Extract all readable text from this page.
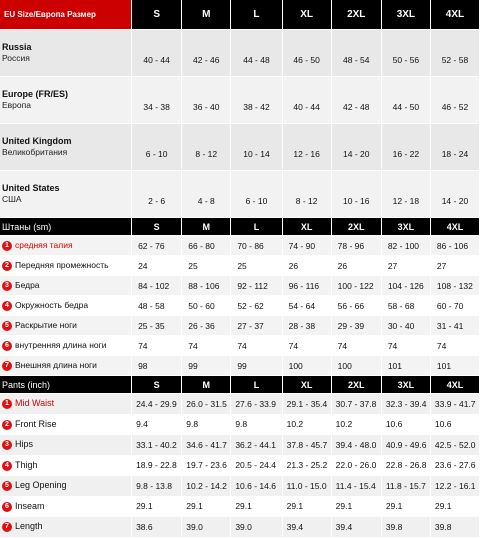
EU Size/Европа Размер	S	M	L	XL	2XL	3XL	4XL

Russia
Россия	40 - 44	42 - 46	44 - 48	46 - 50	48 - 54	50 - 56	52 - 58

Europe (FR/ES)
Европа	34 - 38	36 - 40	38 - 42	40 - 44	42 - 48	44 - 50	46 - 52

United Kingdom
Великобритания	6 - 10	8 - 12	10 - 14	12 - 16	14 - 20	16 - 22	18 - 24

United States
США	2 - 6	4 - 8	6 - 10	8 - 12	10 - 16	12 - 18	14 - 20
Штаны (sm)	S	M	L	XL	2XL	3XL	4XL
1 средняя талия	62 - 76	66 - 80	70 - 86	74 - 90	78 - 96	82 - 100	86 - 106
2 Передняя промежность	24	25	25	26	26	27	27
3 Бедра	84 - 102	88 - 106	92 - 112	96 - 116	100 - 122	104 - 126	108 - 132
4 Окружность бедра	48 - 58	50 - 60	52 - 62	54 - 64	56 - 66	58 - 68	60 - 70
5 Раскрытие ноги	25 - 35	26 - 36	27 - 37	28 - 38	29 - 39	30 - 40	31 - 41
6 внутренняя длина ноги	74	74	74	74	74	74	74
7 Внешняя длина ноги	98	99	99	100	100	101	101
Pants (inch)	S	M	L	XL	2XL	3XL	4XL
1 Mid Waist	24.4 - 29.9	26.0 - 31.5	27.6 - 33.9	29.1 - 35.4	30.7 - 37.8	32.3 - 39.4	33.9 - 41.7
2 Front Rise	9.4	9.8	9.8	10.2	10.2	10.6	10.6
3 Hips	33.1 - 40.2	34.6 - 41.7	36.2 - 44.1	37.8 - 45.7	39.4 - 48.0	40.9 - 49.6	42.5 - 52.0
4 Thigh	18.9 - 22.8	19.7 - 23.6	20.5 - 24.4	21.3 - 25.2	22.0 - 26.0	22.8 - 26.8	23.6 - 27.6
5 Leg Opening	9.8 - 13.8	10.2 - 14.2	10.6 - 14.6	11.0 - 15.0	11.4 - 15.4	11.8 - 15.7	12.2 - 16.1
6 Inseam	29.1	29.1	29.1	29.1	29.1	29.1	29.1
7 Length	38.6	39.0	39.0	39.4	39.4	39.8	39.8
